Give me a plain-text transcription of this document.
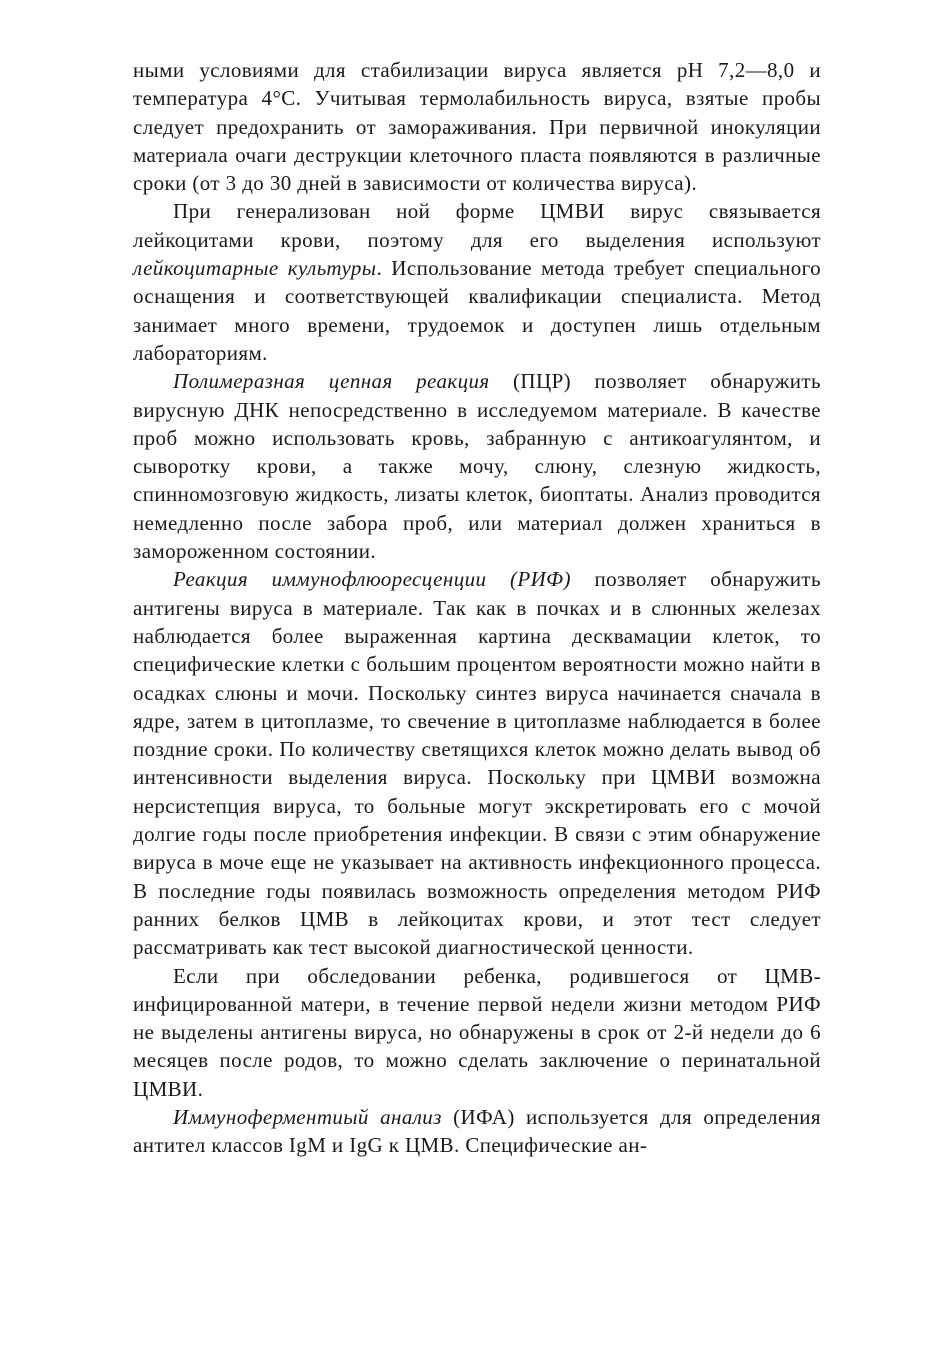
ными условиями для стабилизации вируса является pH 7,2—8,0 и температура 4°С. Учитывая термолабильность вируса, взятые пробы следует предохранить от замораживания. При первичной инокуляции материала очаги деструкции клеточного пласта появляются в различные сроки (от 3 до 30 дней в зависимости от количества вируса).

При генерализован ной форме ЦМВИ вирус связывается лейкоцитами крови, поэтому для его выделения используют лейкоцитарные культуры. Использование метода требует специального оснащения и соответствующей квалификации специалиста. Метод занимает много времени, трудоемок и доступен лишь отдельным лабораториям.

Полимеразная цепная реакция (ПЦР) позволяет обнаружить вирусную ДНК непосредственно в исследуемом материале. В качестве проб можно использовать кровь, забранную с антикоагулянтом, и сыворотку крови, а также мочу, слюну, слезную жидкость, спинномозговую жидкость, лизаты клеток, биоптаты. Анализ проводится немедленно после забора проб, или материал должен храниться в замороженном состоянии.

Реакция иммунофлюоресценции (РИФ) позволяет обнаружить антигены вируса в материале. Так как в почках и в слюнных железах наблюдается более выраженная картина десквамации клеток, то специфические клетки с большим процентом вероятности можно найти в осадках слюны и мочи. Поскольку синтез вируса начинается сначала в ядре, затем в цитоплазме, то свечение в цитоплазме наблюдается в более поздние сроки. По количеству светящихся клеток можно делать вывод об интенсивности выделения вируса. Поскольку при ЦМВИ возможна нерсистепция вируса, то больные могут экскретировать его с мочой долгие годы после приобретения инфекции. В связи с этим обнаружение вируса в моче еще не указывает на активность инфекционного процесса. В последние годы появилась возможность определения методом РИФ ранних белков ЦМВ в лейкоцитах крови, и этот тест следует рассматривать как тест высокой диагностической ценности.

Если при обследовании ребенка, родившегося от ЦМВ-инфицированной матери, в течение первой недели жизни методом РИФ не выделены антигены вируса, но обнаружены в срок от 2-й недели до 6 месяцев после родов, то можно сделать заключение о перинатальной ЦМВИ.

Иммуноферментиый анализ (ИФА) используется для определения антител классов IgM и IgG к ЦМВ. Специфические ан-
